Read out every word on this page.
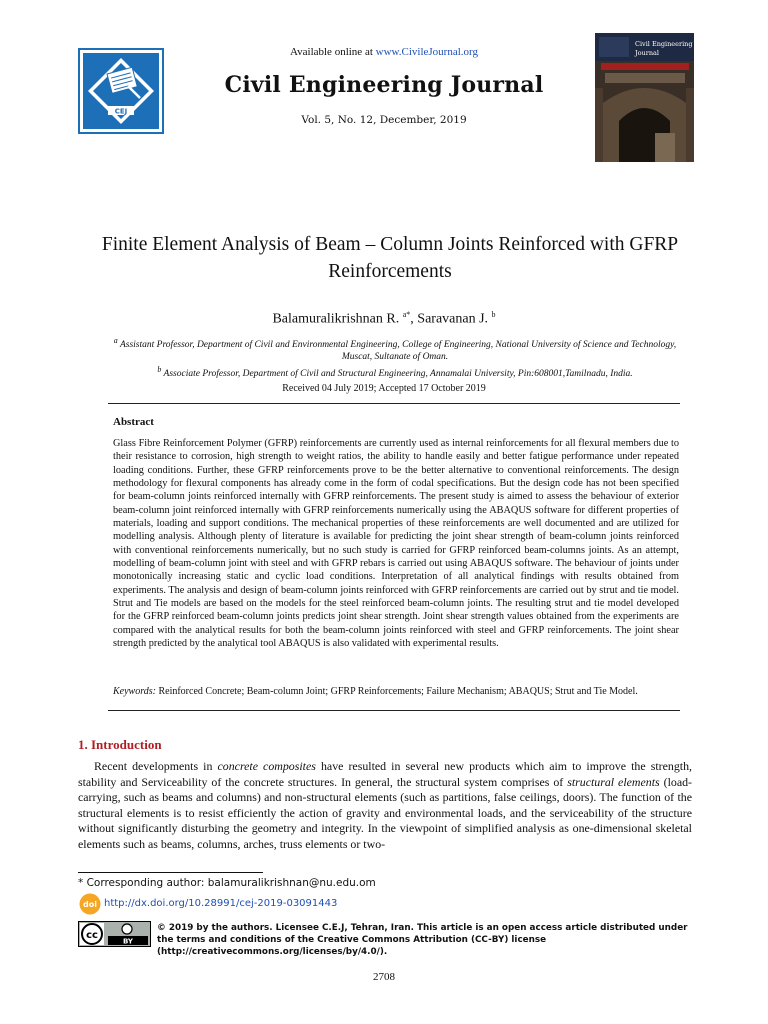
CEJ
Civil Engineering
Journal
Available online at www.CivileJournal.org
Civil Engineering Journal
Vol. 5, No. 12, December, 2019
Finite Element Analysis of Beam – Column Joints Reinforced with GFRP Reinforcements
Balamuralikrishnan R. $^{a*}$, Saravanan J. $^b$
$^a$ Assistant Professor, Department of Civil and Environmental Engineering, College of Engineering, National University of Science and Technology, Muscat, Sultanate of Oman.
$^b$ Associate Professor, Department of Civil and Structural Engineering, Annamalai University, Pin:608001,Tamilnadu, India.
Received 04 July 2019; Accepted 17 October 2019
Abstract
Glass Fibre Reinforcement Polymer (GFRP) reinforcements are currently used as internal reinforcements for all flexural members due to their resistance to corrosion, high strength to weight ratios, the ability to handle easily and better fatigue performance under repeated loading conditions. Further, these GFRP reinforcements prove to be the better alternative to conventional reinforcements. The design methodology for flexural components has already come in the form of codal specifications. But the design code has not been specified for beam-column joints reinforced internally with GFRP reinforcements. The present study is aimed to assess the behaviour of exterior beam-column joint reinforced internally with GFRP reinforcements numerically using the ABAQUS software for different properties of materials, loading and support conditions. The mechanical properties of these reinforcements are well documented and are utilized for modelling analysis. Although plenty of literature is available for predicting the joint shear strength of beam-column joints reinforced with conventional reinforcements numerically, but no such study is carried for GFRP reinforced beam-columns joints. As an attempt, modelling of beam-column joint with steel and with GFRP rebars is carried out using ABAQUS software. The behaviour of joints under monotonically increasing static and cyclic load conditions. Interpretation of all analytical findings with results obtained from experiments. The analysis and design of beam-column joints reinforced with GFRP reinforcements are carried out by strut and tie model. Strut and Tie models are based on the models for the steel reinforced beam-column joints. The resulting strut and tie model developed for the GFRP reinforced beam-column joints predicts joint shear strength. Joint shear strength values obtained from the experiments are compared with the analytical results for both the beam-column joints reinforced with steel and GFRP reinforcements. The joint shear strength predicted by the analytical tool ABAQUS is also validated with experimental results.
Keywords: Reinforced Concrete; Beam-column Joint; GFRP Reinforcements; Failure Mechanism; ABAQUS; Strut and Tie Model.
1. Introduction
Recent developments in concrete composites have resulted in several new products which aim to improve the strength, stability and Serviceability of the concrete structures. In general, the structural system comprises of structural elements (load-carrying, such as beams and columns) and non-structural elements (such as partitions, false ceilings, doors). The function of the structural elements is to resist efficiently the action of gravity and environmental loads, and the serviceability of the structure without significantly disturbing the geometry and integrity. In the viewpoint of simplified analysis as one-dimensional skeletal elements such as beams, columns, arches, truss elements or two-
* Corresponding author: balamuralikrishnan@nu.edu.om
doi http://dx.doi.org/10.28991/cej-2019-03091443
cc
BY
© 2019 by the authors. Licensee C.E.J, Tehran, Iran. This article is an open access article distributed under the terms and conditions of the Creative Commons Attribution (CC-BY) license (http://creativecommons.org/licenses/by/4.0/).
2708
